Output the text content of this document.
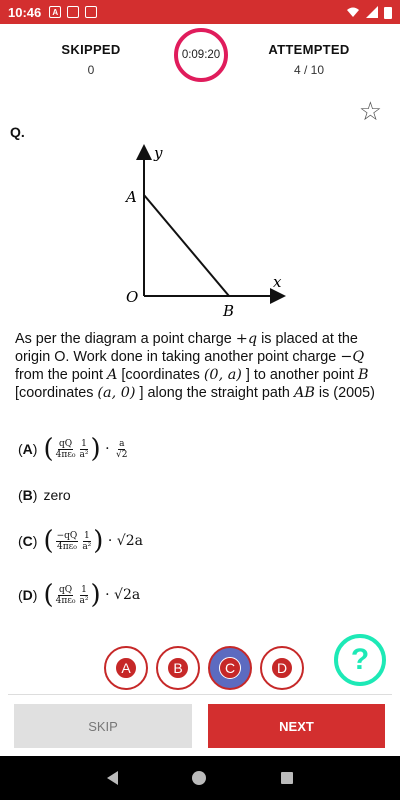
10:46	A
SKIPPED
0
0:09:20	ATTEMPTED
4 / 10
☆
Q.
y
x
A
B
O
As per the diagram a point charge +q is placed at the origin O. Work done in taking another point charge −Q from the point A [coordinates (0, a) ] to another point B [coordinates (a, 0) ] along the straight path AB is (2005)
(A) ( $\frac{qQ}{\text{4πε₀}} \frac{1}{\text{a²}}$ ) · $\frac{a}{√2}$
(B) zero
(C) ( $\frac{-qQ}{\text{4πε₀}} \frac{1}{\text{a²}}$ )
· √2a
(D) ( $\frac{qQ}{\text{4πε₀}} \frac{1}{\text{a²}}$ )
· √2a
A	B	C	D	?
SKIP	NEXT
